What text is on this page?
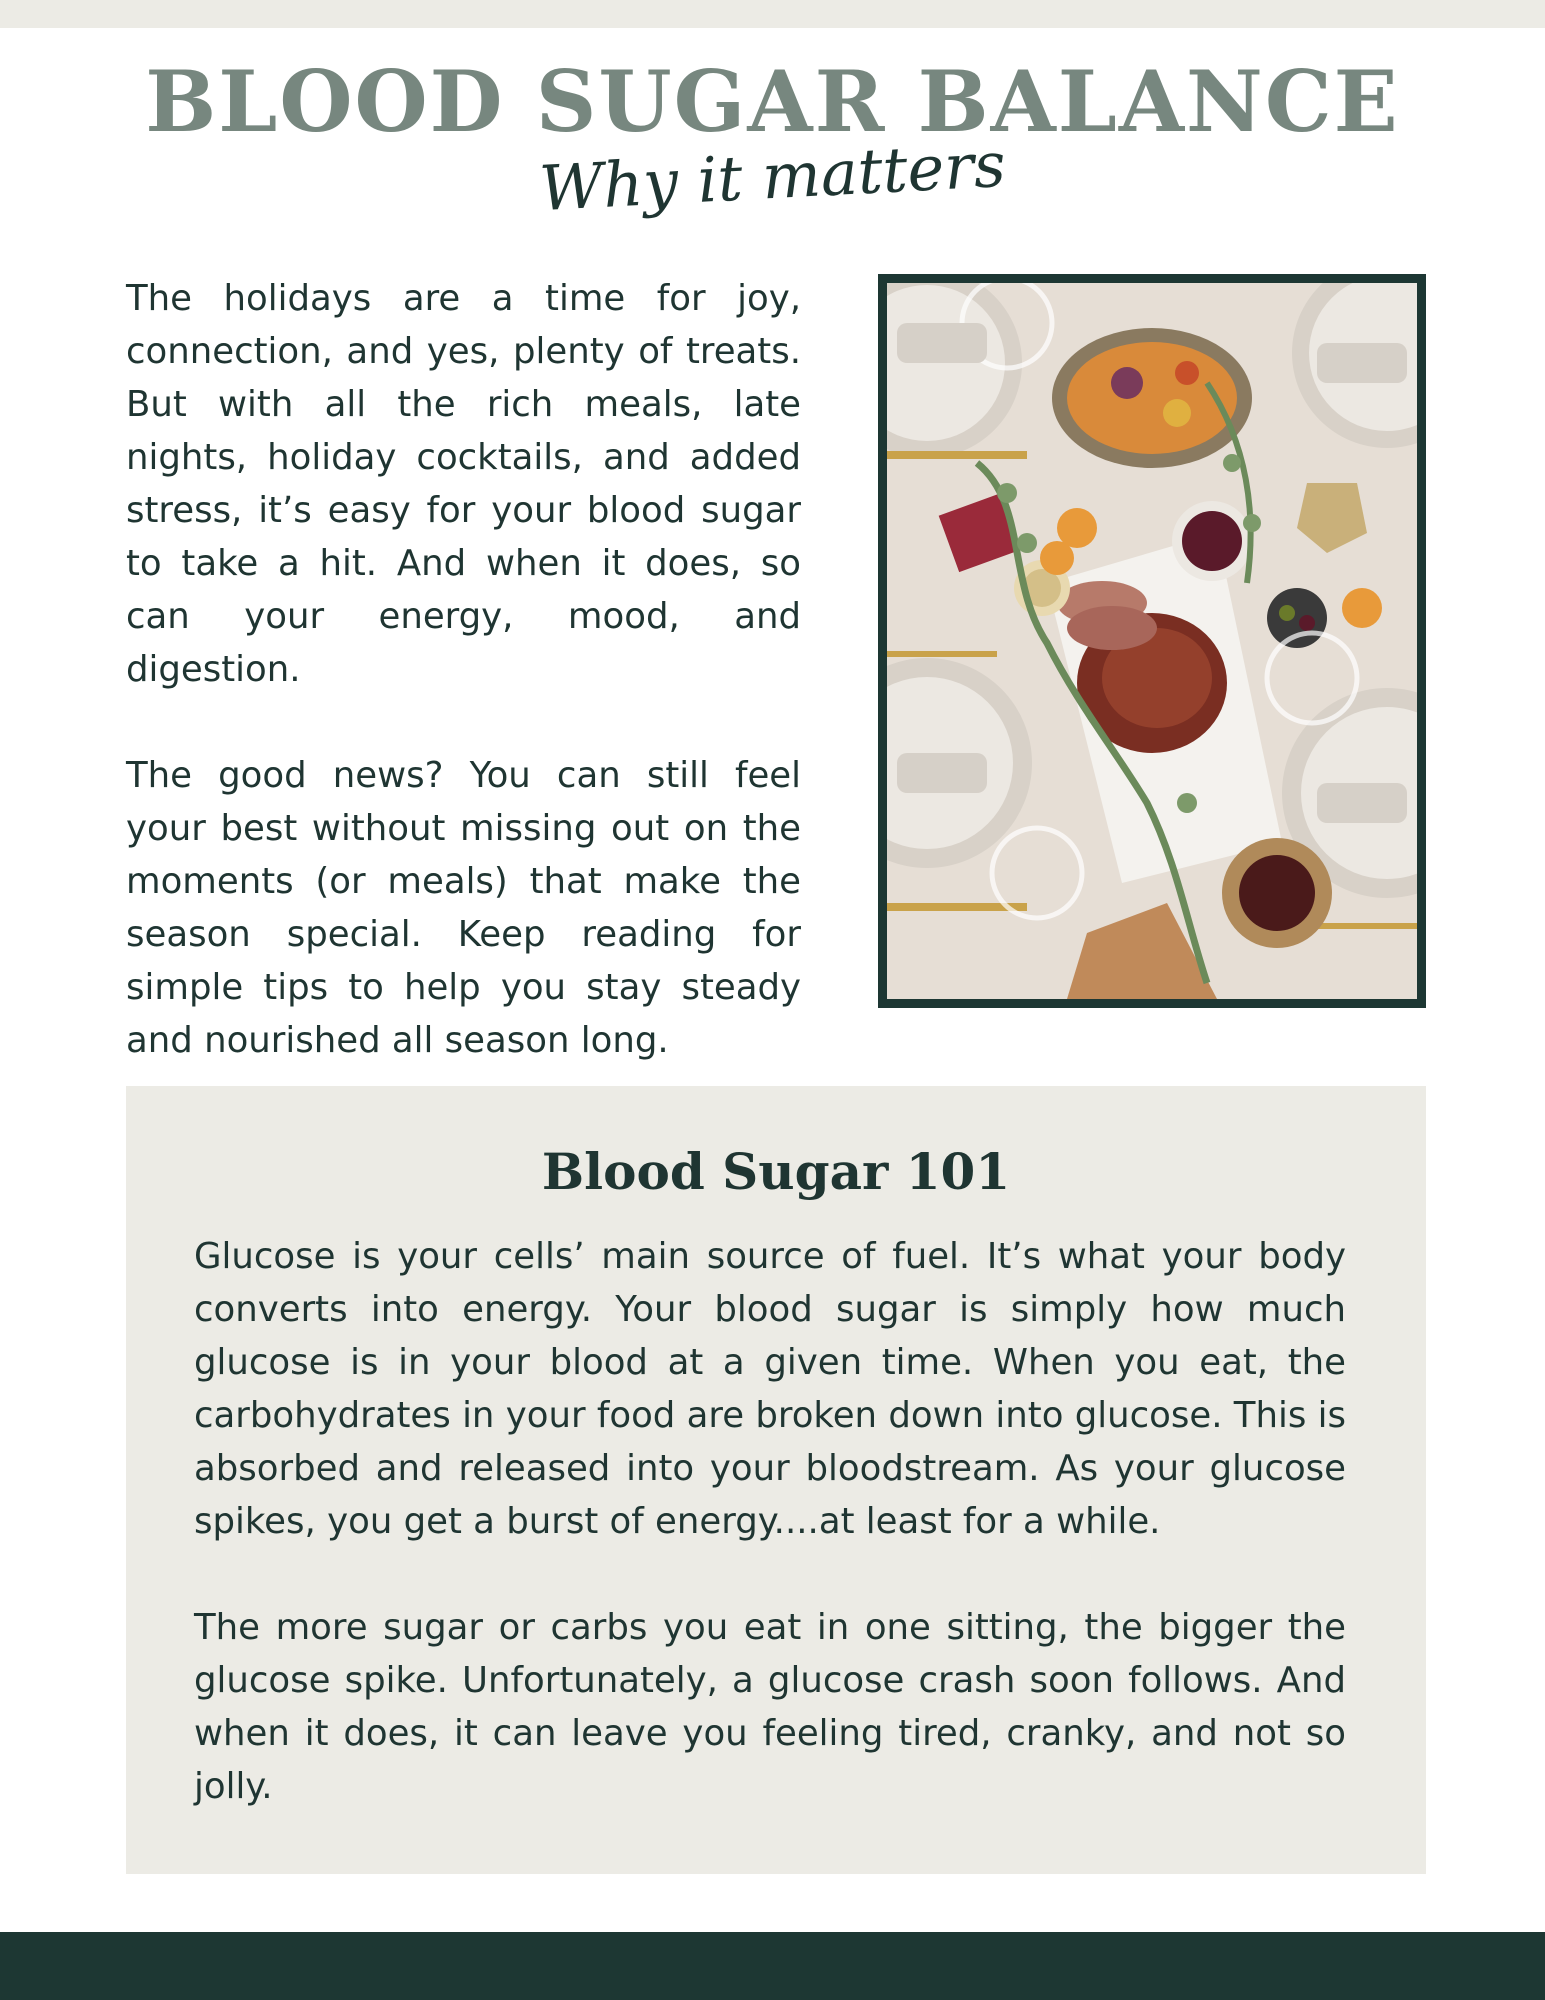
BLOOD SUGAR BALANCE
Why it matters

The holidays are a time for joy, connection, and yes, plenty of treats. But with all the rich meals, late nights, holiday cocktails, and added stress, it’s easy for your blood sugar to take a hit. And when it does, so can your energy, mood, and digestion.

The good news? You can still feel your best without missing out on the moments (or meals) that make the season special. Keep reading for simple tips to help you stay steady and nourished all season long.

Blood Sugar 101

Glucose is your cells’ main source of fuel. It’s what your body converts into energy. Your blood sugar is simply how much glucose is in your blood at a given time. When you eat, the carbohydrates in your food are broken down into glucose. This is absorbed and released into your bloodstream. As your glucose spikes, you get a burst of energy....at least for a while.

The more sugar or carbs you eat in one sitting, the bigger the glucose spike. Unfortunately, a glucose crash soon follows. And when it does, it can leave you feeling tired, cranky, and not so jolly.
